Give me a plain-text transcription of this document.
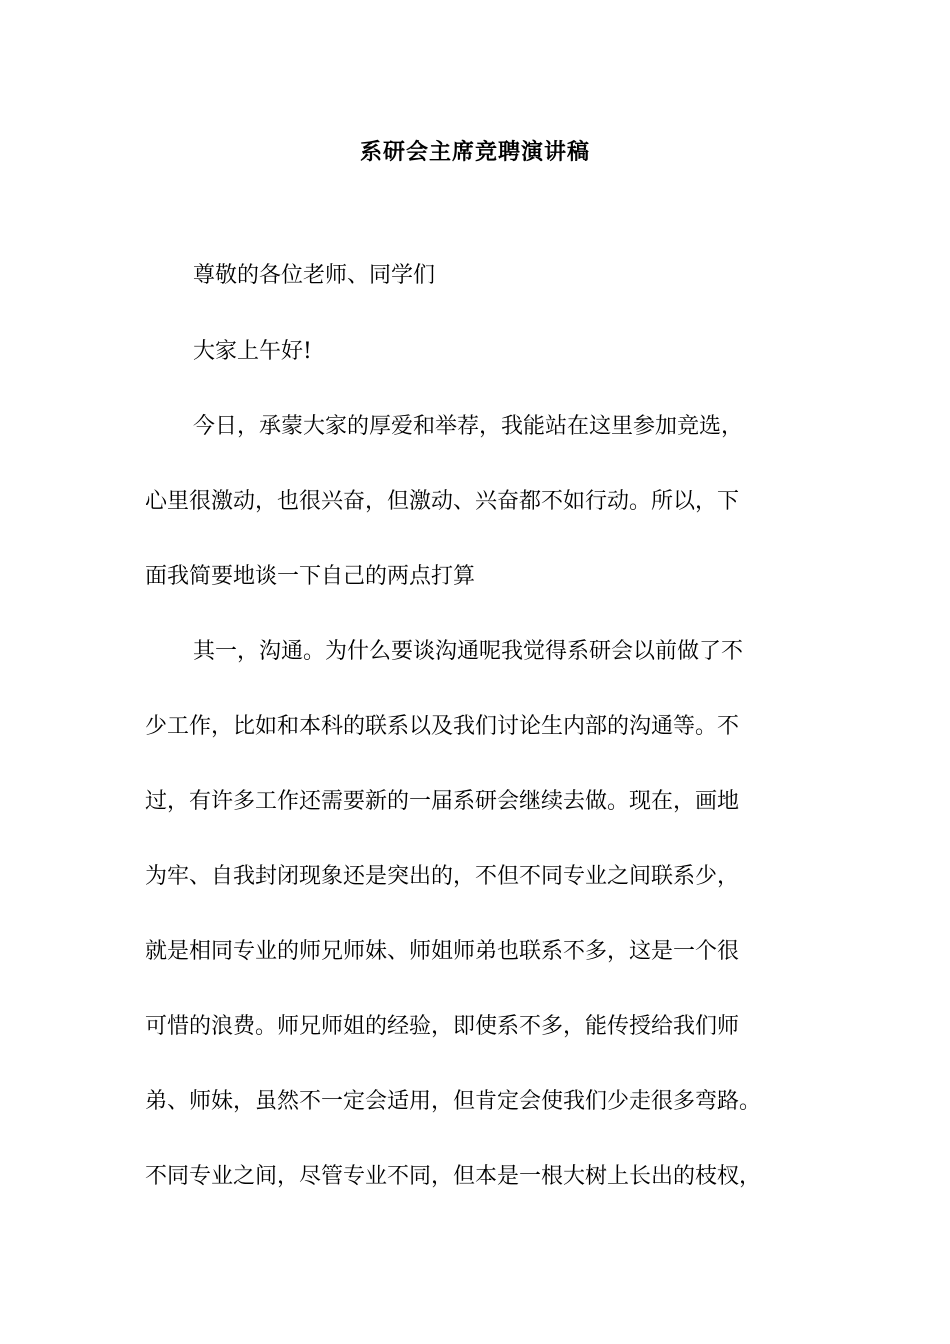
系研会主席竞聘演讲稿
尊敬的各位老师、同学们
大家上午好!
今日，承蒙大家的厚爱和举荐，我能站在这里参加竞选，
心里很激动，也很兴奋，但激动、兴奋都不如行动。所以，下
面我简要地谈一下自己的两点打算
其一，沟通。为什么要谈沟通呢我觉得系研会以前做了不
少工作，比如和本科的联系以及我们讨论生内部的沟通等。不
过，有许多工作还需要新的一届系研会继续去做。现在，画地
为牢、自我封闭现象还是突出的，不但不同专业之间联系少，
就是相同专业的师兄师妹、师姐师弟也联系不多，这是一个很
可惜的浪费。师兄师姐的经验，即使系不多，能传授给我们师
弟、师妹，虽然不一定会适用，但肯定会使我们少走很多弯路。
不同专业之间，尽管专业不同，但本是一根大树上长出的枝杈，
